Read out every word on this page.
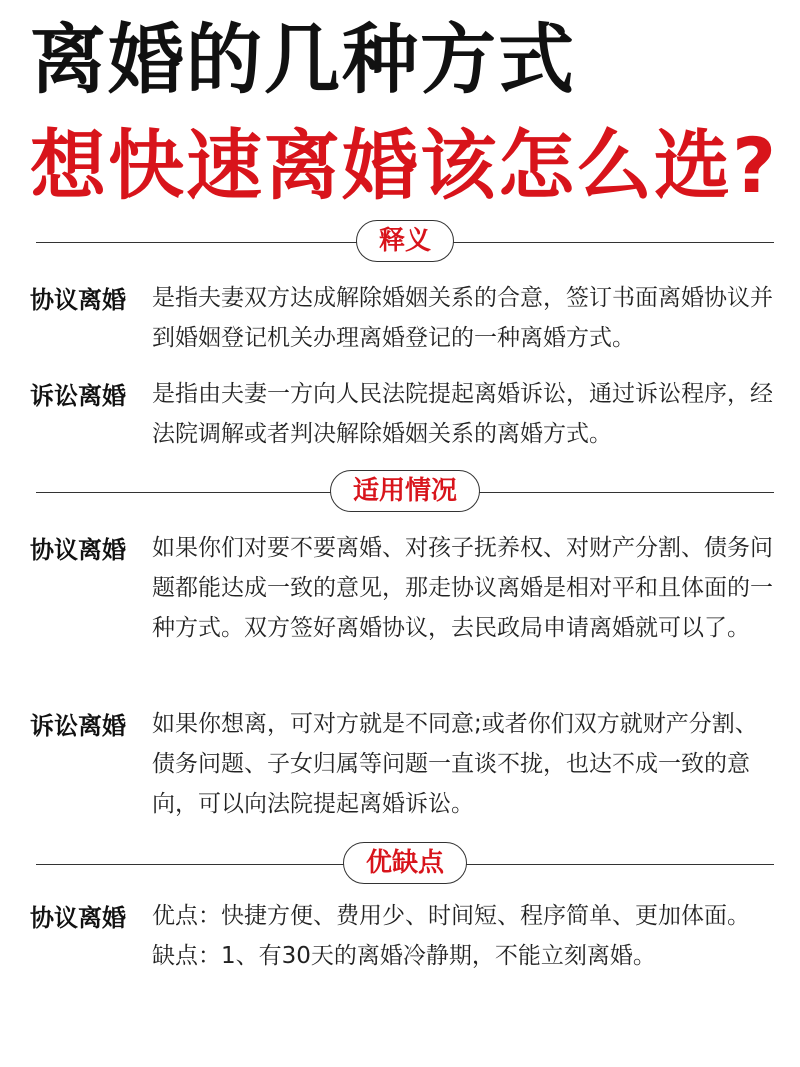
离婚的几种方式
想快速离婚该怎么选?
释义
协议离婚 是指夫妻双方达成解除婚姻关系的合意，签订书面离婚协议并到婚姻登记机关办理离婚登记的一种离婚方式。
诉讼离婚 是指由夫妻一方向人民法院提起离婚诉讼，通过诉讼程序，经法院调解或者判决解除婚姻关系的离婚方式。
适用情况
协议离婚 如果你们对要不要离婚、对孩子抚养权、对财产分割、债务问题都能达成一致的意见，那走协议离婚是相对平和且体面的一种方式。双方签好离婚协议，去民政局申请离婚就可以了。
诉讼离婚 如果你想离，可对方就是不同意;或者你们双方就财产分割、债务问题、子女归属等问题一直谈不拢，也达不成一致的意向，可以向法院提起离婚诉讼。
优缺点
协议离婚 优点：快捷方便、费用少、时间短、程序简单、更加体面。

缺点：1、有30天的离婚冷静期，不能立刻离婚。
